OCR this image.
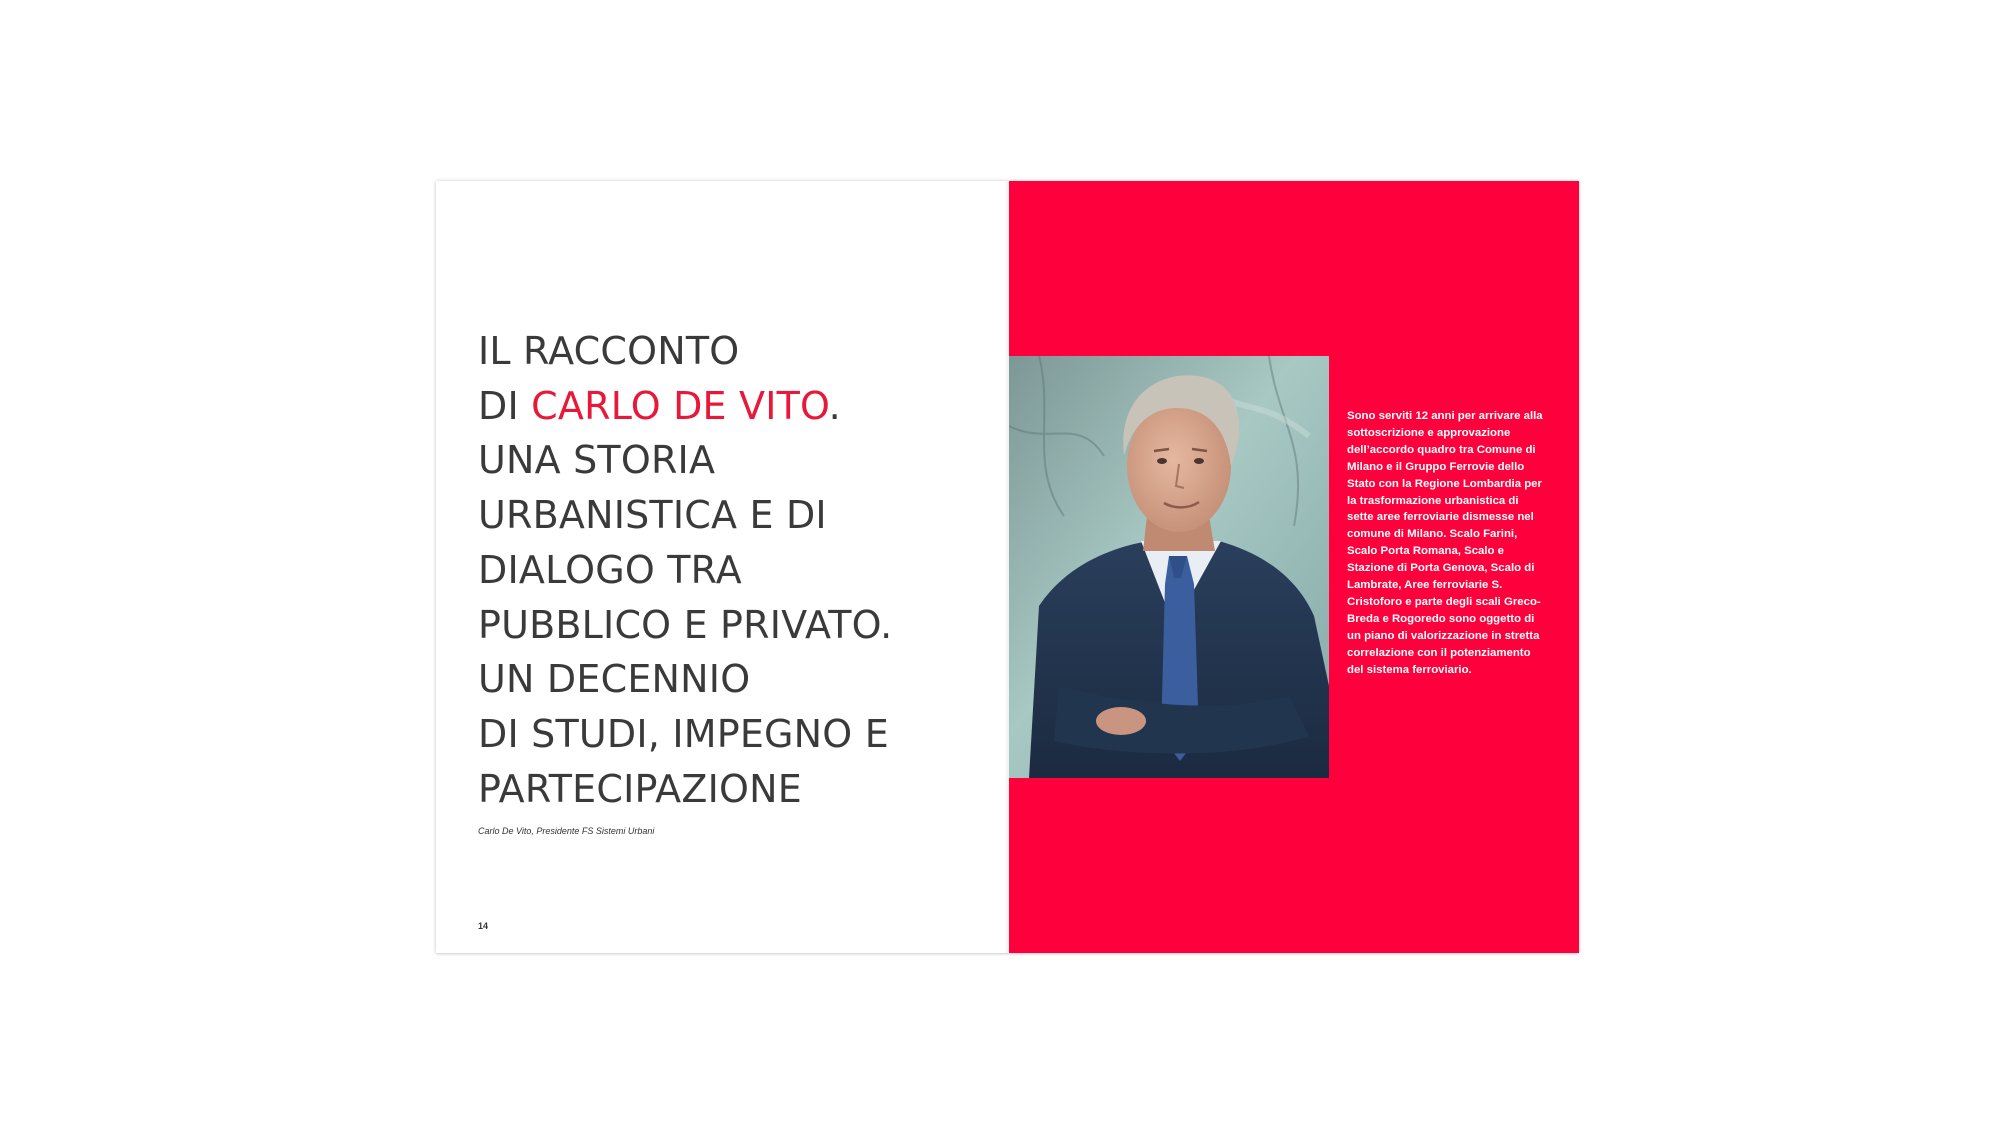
IL RACCONTO
DI CARLO DE VITO.
UNA STORIA
URBANISTICA E DI
DIALOGO TRA
PUBBLICO E PRIVATO.
UN DECENNIO
DI STUDI, IMPEGNO E
PARTECIPAZIONE

Carlo De Vito, Presidente FS Sistemi Urbani

14

Sono serviti 12 anni per arrivare alla sottoscrizione e approvazione dell’accordo quadro tra Comune di Milano e il Gruppo Ferrovie dello Stato con la Regione Lombardia per la trasformazione urbanistica di sette aree ferroviarie dismesse nel comune di Milano. Scalo Farini, Scalo Porta Romana, Scalo e Stazione di Porta Genova, Scalo di Lambrate, Aree ferroviarie S. Cristoforo e parte degli scali Greco-Breda e Rogoredo sono oggetto di un piano di valorizzazione in stretta correlazione con il potenziamento del sistema ferroviario.
